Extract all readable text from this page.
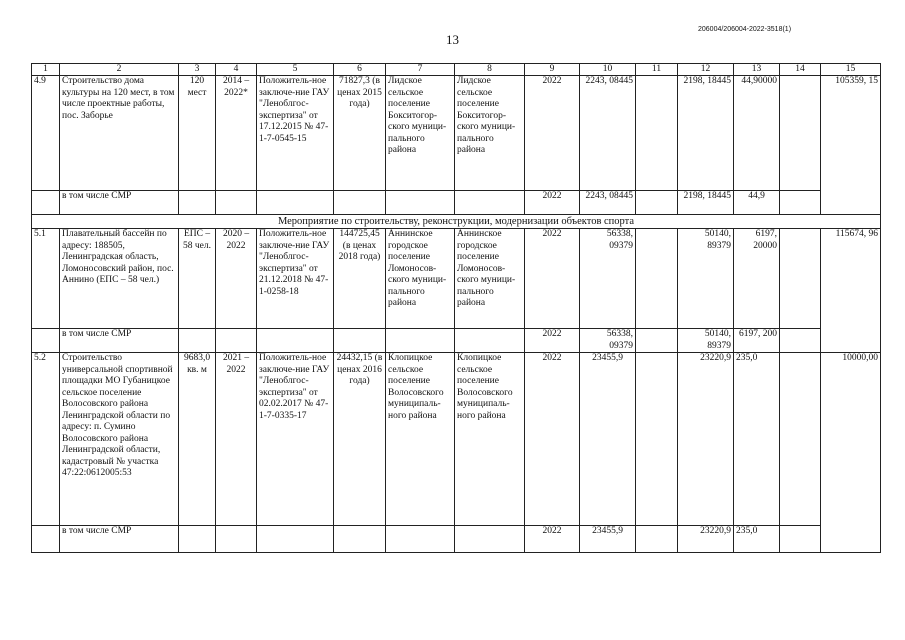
13
206004/206004-2022-3518(1)
1	2	3	4	5	6	7	8	9	10	11	12	13	14	15
4.9	Строительство дома культуры на 120 мест, в том числе проектные работы, пос. Заборье	120 мест	2014 – 2022*	Положитель-ное заключе-ние ГАУ "Леноблгос-экспертиза" от 17.12.2015 № 47-1-7-0545-15	71827,3 (в ценах 2015 года)	Лидское сельское поселение Бокситогор-ского муници-пального района	Лидское сельское поселение Бокситогор-ского муници-пального района	2022	2243, 08445		2198, 18445	44,90000		105359, 15
	в том числе СМР							2022	2243, 08445		2198, 18445	44,9		
Мероприятие по строительству, реконструкции, модернизации объектов спорта														
5.1	Плавательный бассейн по адресу: 188505, Ленинградская область, Ломоносовский район, пос. Аннино (ЕПС – 58 чел.)	ЕПС – 58 чел.	2020 – 2022	Положитель-ное заключе-ние ГАУ "Леноблгос-экспертиза" от 21.12.2018 № 47-1-0258-18	144725,45 (в ценах 2018 года)	Аннинское городское поселение Ломоносов-ского муници-пального района	Аннинское городское поселение Ломоносов-ского муници-пального района	2022	56338, 09379		50140, 89379	6197, 20000		115674, 96
	в том числе СМР							2022	56338, 09379		50140, 89379	6197, 200		
5.2	Строительство универсальной спортивной площадки МО Губаницкое сельское поселение Волосовского района Ленинградской области по адресу: п. Сумино Волосовского района Ленинградской области, кадастровый № участка 47:22:0612005:53	9683,0 кв. м	2021 – 2022	Положитель-ное заключе-ние ГАУ "Леноблгос-экспертиза" от 02.02.2017 № 47-1-7-0335-17	24432,15 (в ценах 2016 года)	Клопицкое сельское поселение Волосовского муниципаль-ного района	Клопицкое сельское поселение Волосовского муниципаль-ного района	2022	23455,9		23220,9	235,0		10000,00
	в том числе СМР							2022	23455,9		23220,9	235,0		
